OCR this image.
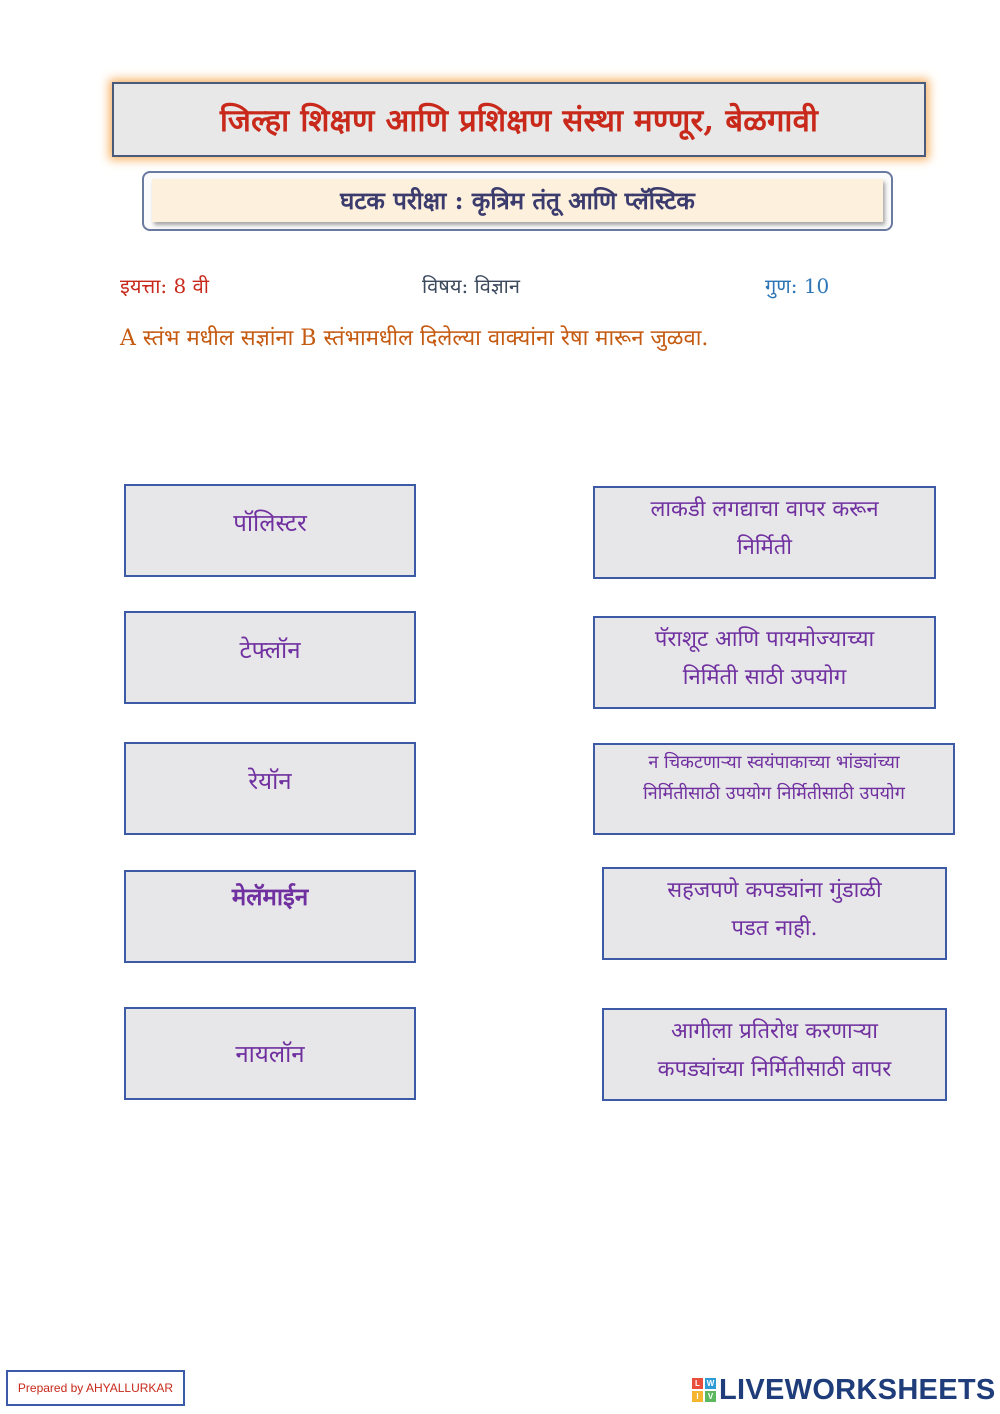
जिल्हा शिक्षण आणि प्रशिक्षण संस्था मण्णूर, बेळगावी
घटक परीक्षा : कृत्रिम तंतू आणि प्लॅस्टिक
इयत्ता: 8 वी	विषय: विज्ञान	गुण: 10
A स्तंभ मधील सज्ञांना B स्तंभामधील दिलेल्या वाक्यांना रेषा मारून जुळवा.
पॉलिस्टर
टेफ्लॉन
रेयॉन
मेलॅमाईन
नायलॉन
लाकडी लगद्याचा वापर करून
निर्मिती
पॅराशूट आणि पायमोज्याच्या
निर्मिती साठी उपयोग
न चिकटणाऱ्या स्वयंपाकाच्या भांड्यांच्या
निर्मितीसाठी उपयोग निर्मितीसाठी उपयोग
सहजपणे कपड्यांना गुंडाळी
पडत नाही.
आगीला प्रतिरोध करणाऱ्या
कपड्यांच्या निर्मितीसाठी वापर
Prepared by AHYALLURKAR	L W
I	V LIVEWORKSHEETS
